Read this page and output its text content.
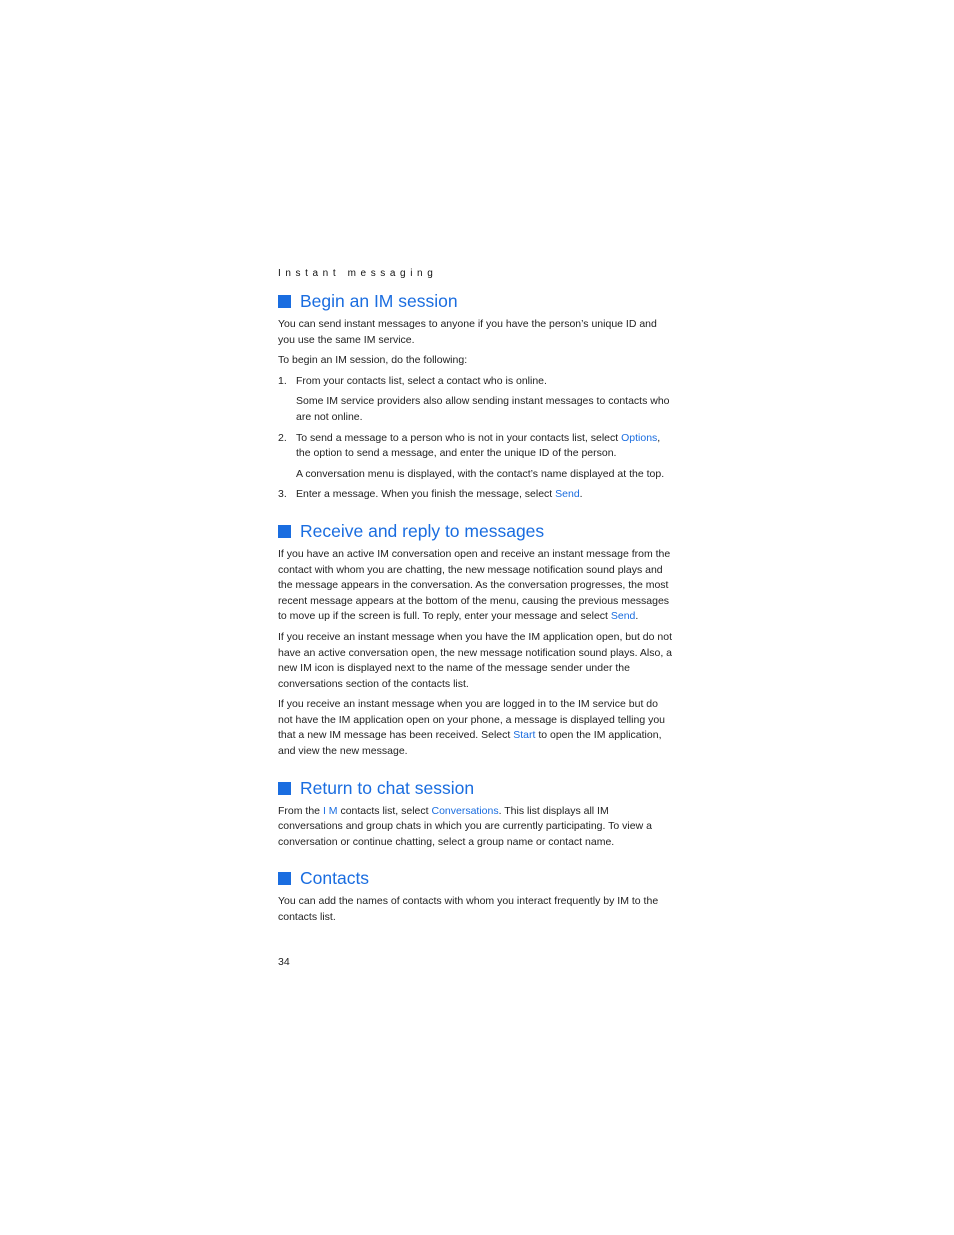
Instant messaging
Begin an IM session

You can send instant messages to anyone if you have the person’s unique ID and you use the same IM service.

To begin an IM session, do the following:

1. From your contacts list, select a contact who is online.
Some IM service providers also allow sending instant messages to contacts who are not online.
2. To send a message to a person who is not in your contacts list, select Options, the option to send a message, and enter the unique ID of the person.
A conversation menu is displayed, with the contact’s name displayed at the top.
3. Enter a message. When you finish the message, select Send.
Receive and reply to messages

If you have an active IM conversation open and receive an instant message from the contact with whom you are chatting, the new message notification sound plays and the message appears in the conversation. As the conversation progresses, the most recent message appears at the bottom of the menu, causing the previous messages to move up if the screen is full. To reply, enter your message and select Send.

If you receive an instant message when you have the IM application open, but do not have an active conversation open, the new message notification sound plays. Also, a new IM icon is displayed next to the name of the message sender under the conversations section of the contacts list.

If you receive an instant message when you are logged in to the IM service but do not have the IM application open on your phone, a message is displayed telling you that a new IM message has been received. Select Start to open the IM application, and view the new message.

Return to chat session

From the I M contacts list, select Conversations. This list displays all IM conversations and group chats in which you are currently participating. To view a conversation or continue chatting, select a group name or contact name.

Contacts

You can add the names of contacts with whom you interact frequently by IM to the contacts list.

34
